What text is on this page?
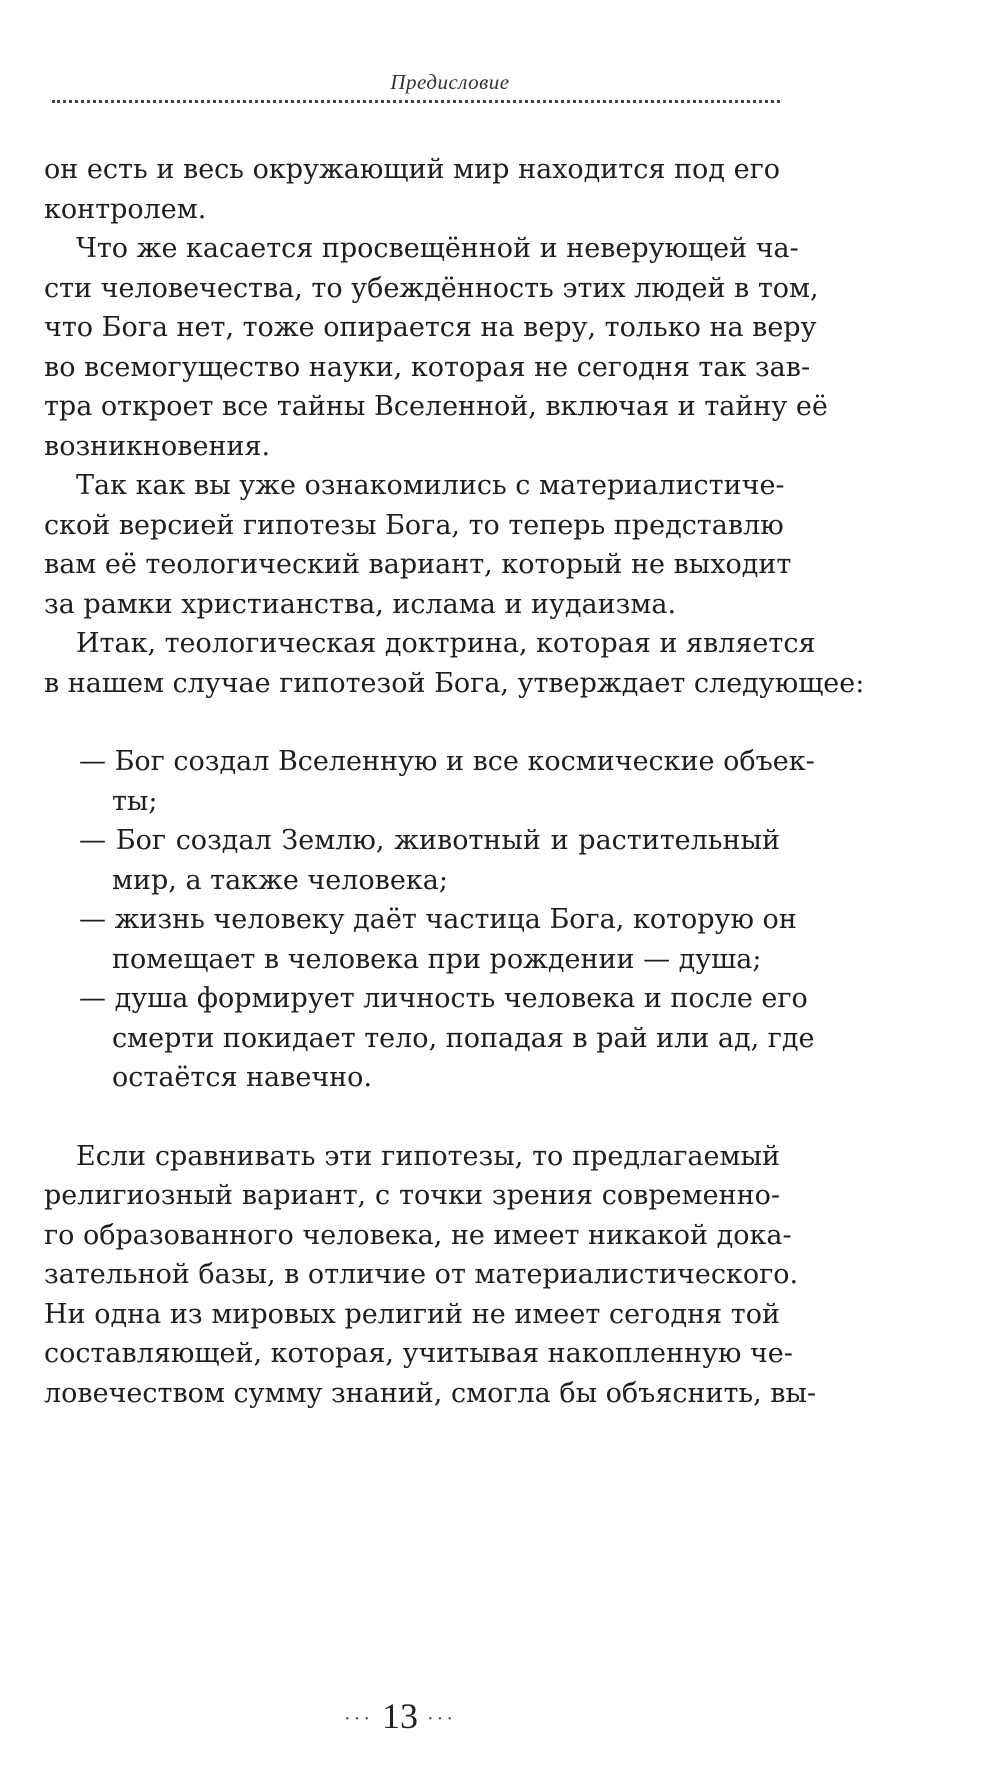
Предисловие
он есть и весь окружающий мир находится под его
контролем.
Что же касается просвещённой и неверующей ча-
сти человечества, то убеждённость этих людей в том,
что Бога нет, тоже опирается на веру, только на веру
во всемогущество науки, которая не сегодня так зав-
тра откроет все тайны Вселенной, включая и тайну её
возникновения.
Так как вы уже ознакомились с материалистиче-
ской версией гипотезы Бога, то теперь представлю
вам её теологический вариант, который не выходит
за рамки христианства, ислама и иудаизма.
Итак, теологическая доктрина, которая и является
в нашем случае гипотезой Бога, утверждает следующее:
— Бог создал Вселенную и все космические объек-
ты;
— Бог создал Землю, животный и растительный
мир, а также человека;
— жизнь человеку даёт частица Бога, которую он
помещает в человека при рождении — душа;
— душа формирует личность человека и после его
смерти покидает тело, попадая в рай или ад, где
остаётся навечно.
Если сравнивать эти гипотезы, то предлагаемый
религиозный вариант, с точки зрения современно-
го образованного человека, не имеет никакой дока-
зательной базы, в отличие от материалистического.
Ни одна из мировых религий не имеет сегодня той
составляющей, которая, учитывая накопленную че-
ловечеством сумму знаний, смогла бы объяснить, вы-
··· 13 ···
